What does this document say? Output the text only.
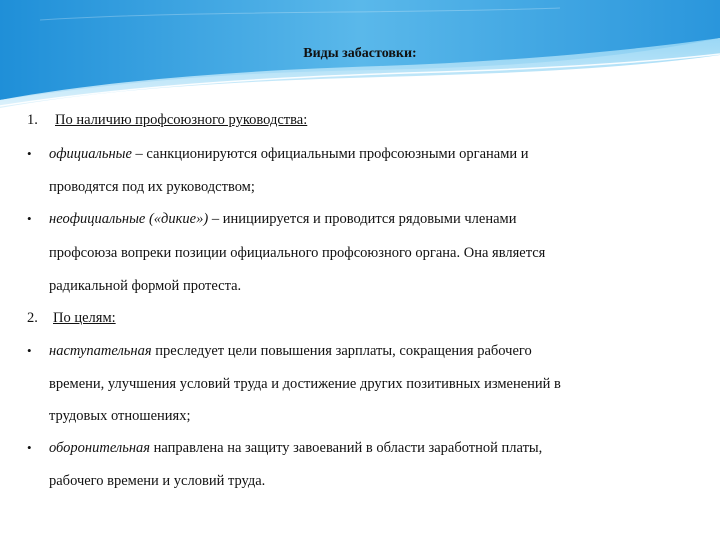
Виды забастовки:
1. По наличию профсоюзного руководства:
• официальные – санкционируются официальными профсоюзными органами и
проводятся под их руководством;
• неофициальные («дикие») – инициируется и проводится рядовыми членами
профсоюза вопреки позиции официального профсоюзного органа. Она является
радикальной формой протеста.
2. По целям:
• наступательная преследует цели повышения зарплаты, сокращения рабочего
времени, улучшения условий труда и достижение других позитивных изменений в
трудовых отношениях;
• оборонительная направлена на защиту завоеваний в области заработной платы,
рабочего времени и условий труда.
